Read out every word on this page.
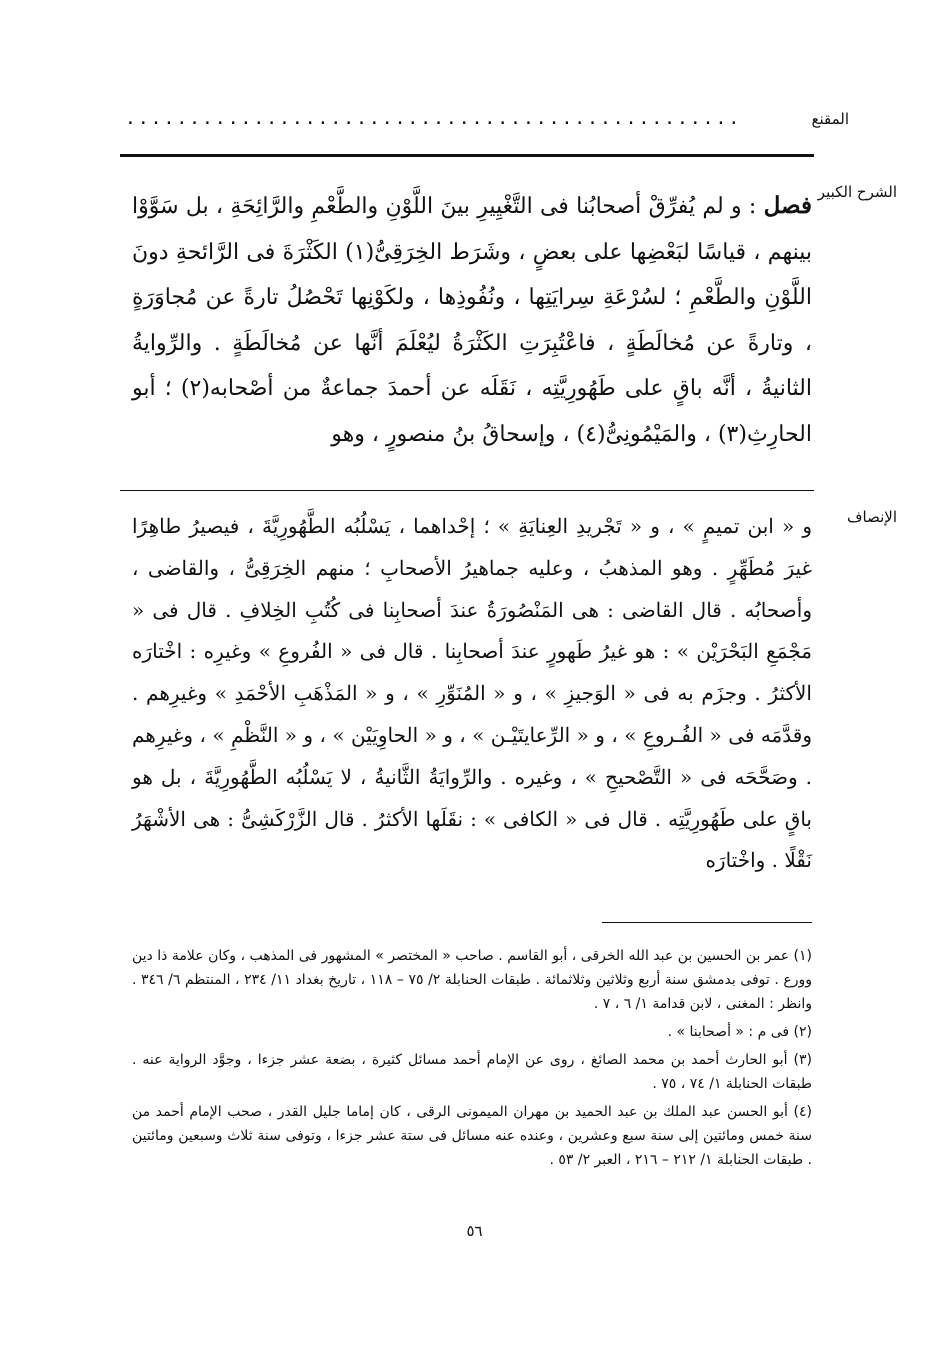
المقنع
................................................
الشرح الكبير

فصل : و لم يُفرِّقْ أصحابُنا فى التَّغْيِيرِ بينَ اللَّوْنِ والطَّعْمِ والرَّائِحَةِ ، بل سَوَّوْا بينهم ، قياسًا لبَعْضِها على بعضٍ ، وشَرَط الخِرَقِىُّ(١) الكَثْرَةَ فى الرَّائحةِ دونَ اللَّوْنِ والطَّعْمِ ؛ لسُرْعَةِ سِرايَتِها ، ونُفُوذِها ، ولكَوْنِها تَحْصُلُ تارةً عن مُجاوَرَةٍ ، وتارةً عن مُخالَطَةٍ ، فاعْتُبِرَتِ الكَثْرَةُ ليُعْلَمَ أنَّها عن مُخالَطَةٍ . والرِّوايةُ الثانيةُ ، أنَّه باقٍ على طَهُورِيَّتِه ، نَقَلَه عن أحمدَ جماعةٌ من أصْحابه(٢) ؛ أبو الحارِثِ(٣) ، والمَيْمُونِىُّ(٤) ، وإسحاقُ بنُ منصورٍ ، وهو

الإنصاف

و « ابن تميمٍ » ، و « تَجْريدِ العِنايَةِ » ؛ إحْداهما ، يَسْلُبُه الطَّهُورِيَّةَ ، فيصيرُ طاهِرًا غيرَ مُطَهِّرٍ . وهو المذهبُ ، وعليه جماهيرُ الأصحابِ ؛ منهم الخِرَقِىُّ ، والقاضى ، وأصحابُه . قال القاضى : هى المَنْصُورَةُ عندَ أصحابِنا فى كُتُبِ الخِلافِ . قال فى « مَجْمَعِ البَحْرَيْن » : هو غيرُ طَهورٍ عندَ أصحابِنا . قال فى « الفُروعِ » وغيرِه : اخْتارَه الأكثرُ . وجزَم به فى « الوَجيزِ » ، و « المُنَوِّرِ » ، و « المَذْهَبِ الأحْمَدِ » وغيرِهم . وقدَّمَه فى « الفُـروعِ » ، و « الرِّعايتَيْـن » ، و « الحاوِيَيْن » ، و « النَّظْمِ » ، وغيرِهم . وصَحَّحَه فى « التَّصْحيحِ » ، وغيره . والرِّوايَةُ الثَّانيةُ ، لا يَسْلُبُه الطَّهُورِيَّةَ ، بل هو باقٍ على طَهُورِيَّتِه . قال فى « الكافى » : نقَلَها الأكثرُ . قال الزَّرْكَشِىُّ : هى الأشْهَرُ نَقْلًا . واخْتارَه

(١) عمر بن الحسين بن عبد الله الخرقى ، أبو القاسم . صاحب « المختصر » المشهور فى المذهب ، وكان علامة ذا دين وورع . توفى بدمشق سنة أربع وثلاثين وثلاثمائة . طبقات الحنابلة ٢/ ٧٥ – ١١٨ ، تاريخ بغداد ١١/ ٢٣٤ ، المنتظم ٦/ ٣٤٦ . وانظر : المغنى ، لابن قدامة ١/ ٦ ، ٧ .

(٢) فى م : « أصحابنا » .

(٣) أبو الحارث أحمد بن محمد الصائغ ، روى عن الإمام أحمد مسائل كثيرة ، بضعة عشر جزءا ، وجوَّد الرواية عنه . طبقات الحنابلة ١/ ٧٤ ، ٧٥ .

(٤) أبو الحسن عبد الملك بن عبد الحميد بن مهران الميمونى الرقى ، كان إماما جليل القدر ، صحب الإمام أحمد من سنة خمس ومائتين إلى سنة سبع وعشرين ، وعنده عنه مسائل فى ستة عشر جزءا ، وتوفى سنة ثلاث وسبعين ومائتين . طبقات الحنابلة ١/ ٢١٢ – ٢١٦ ، العبر ٢/ ٥٣ .

٥٦
